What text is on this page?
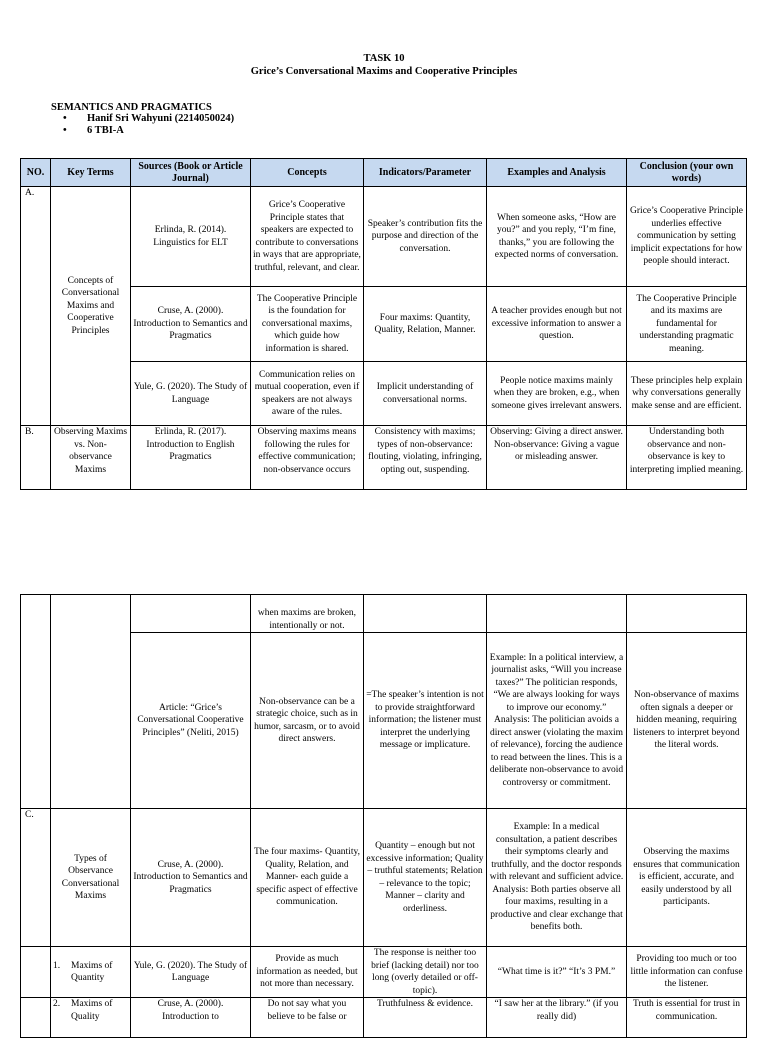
TASK 10
Grice’s Conversational Maxims and Cooperative Principles
SEMANTICS AND PRAGMATICS
• Hanif Sri Wahyuni (2214050024)
• 6 TBI-A
NO.	Key Terms	Sources (Book or Article Journal)	Concepts	Indicators/Parameter	Examples and Analysis	Conclusion (your own words)
A.	Concepts of Conversational Maxims and Cooperative Principles	Erlinda, R. (2014). Linguistics for ELT	Grice’s Cooperative Principle states that speakers are expected to contribute to conversations in ways that are appropriate, truthful, relevant, and clear.	Speaker’s contribution fits the purpose and direction of the conversation.	When someone asks, “How are you?” and you reply, “I’m fine, thanks,” you are following the expected norms of conversation.	Grice’s Cooperative Principle underlies effective communication by setting implicit expectations for how people should interact.
		Cruse, A. (2000). Introduction to Semantics and Pragmatics	The Cooperative Principle is the foundation for conversational maxims, which guide how information is shared.	Four maxims: Quantity, Quality, Relation, Manner.	A teacher provides enough but not excessive information to answer a question.	The Cooperative Principle and its maxims are fundamental for understanding pragmatic meaning.
		Yule, G. (2020). The Study of Language	Communication relies on mutual cooperation, even if speakers are not always aware of the rules.	Implicit understanding of conversational norms.	People notice maxims mainly when they are broken, e.g., when someone gives irrelevant answers.	These principles help explain why conversations generally make sense and are efficient.
B.	Observing Maxims vs. Non-observance Maxims	Erlinda, R. (2017). Introduction to English Pragmatics	Observing maxims means following the rules for effective communication; non-observance occurs	Consistency with maxims; types of non-observance: flouting, violating, infringing, opting out, suspending.	Observing: Giving a direct answer. Non-observance: Giving a vague or misleading answer.	Understanding both observance and non-observance is key to interpreting implied meaning.
			when maxims are broken, intentionally or not.			
		Article: “Grice’s Conversational Cooperative Principles” (Neliti, 2015)	Non-observance can be a strategic choice, such as in humor, sarcasm, or to avoid direct answers.	=The speaker’s intention is not to provide straightforward information; the listener must interpret the underlying message or implicature.	Example: In a political interview, a journalist asks, “Will you increase taxes?” The politician responds, “We are always looking for ways to improve our economy.” Analysis: The politician avoids a direct answer (violating the maxim of relevance), forcing the audience to read between the lines. This is a deliberate non-observance to avoid controversy or commitment.	Non-observance of maxims often signals a deeper or hidden meaning, requiring listeners to interpret beyond the literal words.
C.	Types of Observance Conversational Maxims	Cruse, A. (2000). Introduction to Semantics and Pragmatics	The four maxims- Quantity, Quality, Relation, and Manner- each guide a specific aspect of effective communication.	Quantity – enough but not excessive information; Quality – truthful statements; Relation – relevance to the topic; Manner – clarity and orderliness.	Example: In a medical consultation, a patient describes their symptoms clearly and truthfully, and the doctor responds with relevant and sufficient advice. Analysis: Both parties observe all four maxims, resulting in a productive and clear exchange that benefits both.	Observing the maxims ensures that communication is efficient, accurate, and easily understood by all participants.

	1. Maxims of Quantity	Yule, G. (2020). The Study of Language	Provide as much information as needed, but not more than necessary.	The response is neither too brief (lacking detail) nor too long (overly detailed or off-topic).	“What time is it?” “It’s 3 PM.”	Providing too much or too little information can confuse the listener.

	2. Maxims of Quality	Cruse, A. (2000). Introduction to	Do not say what you believe to be false or	Truthfulness & evidence.	“I saw her at the library.” (if you really did)	Truth is essential for trust in communication.
